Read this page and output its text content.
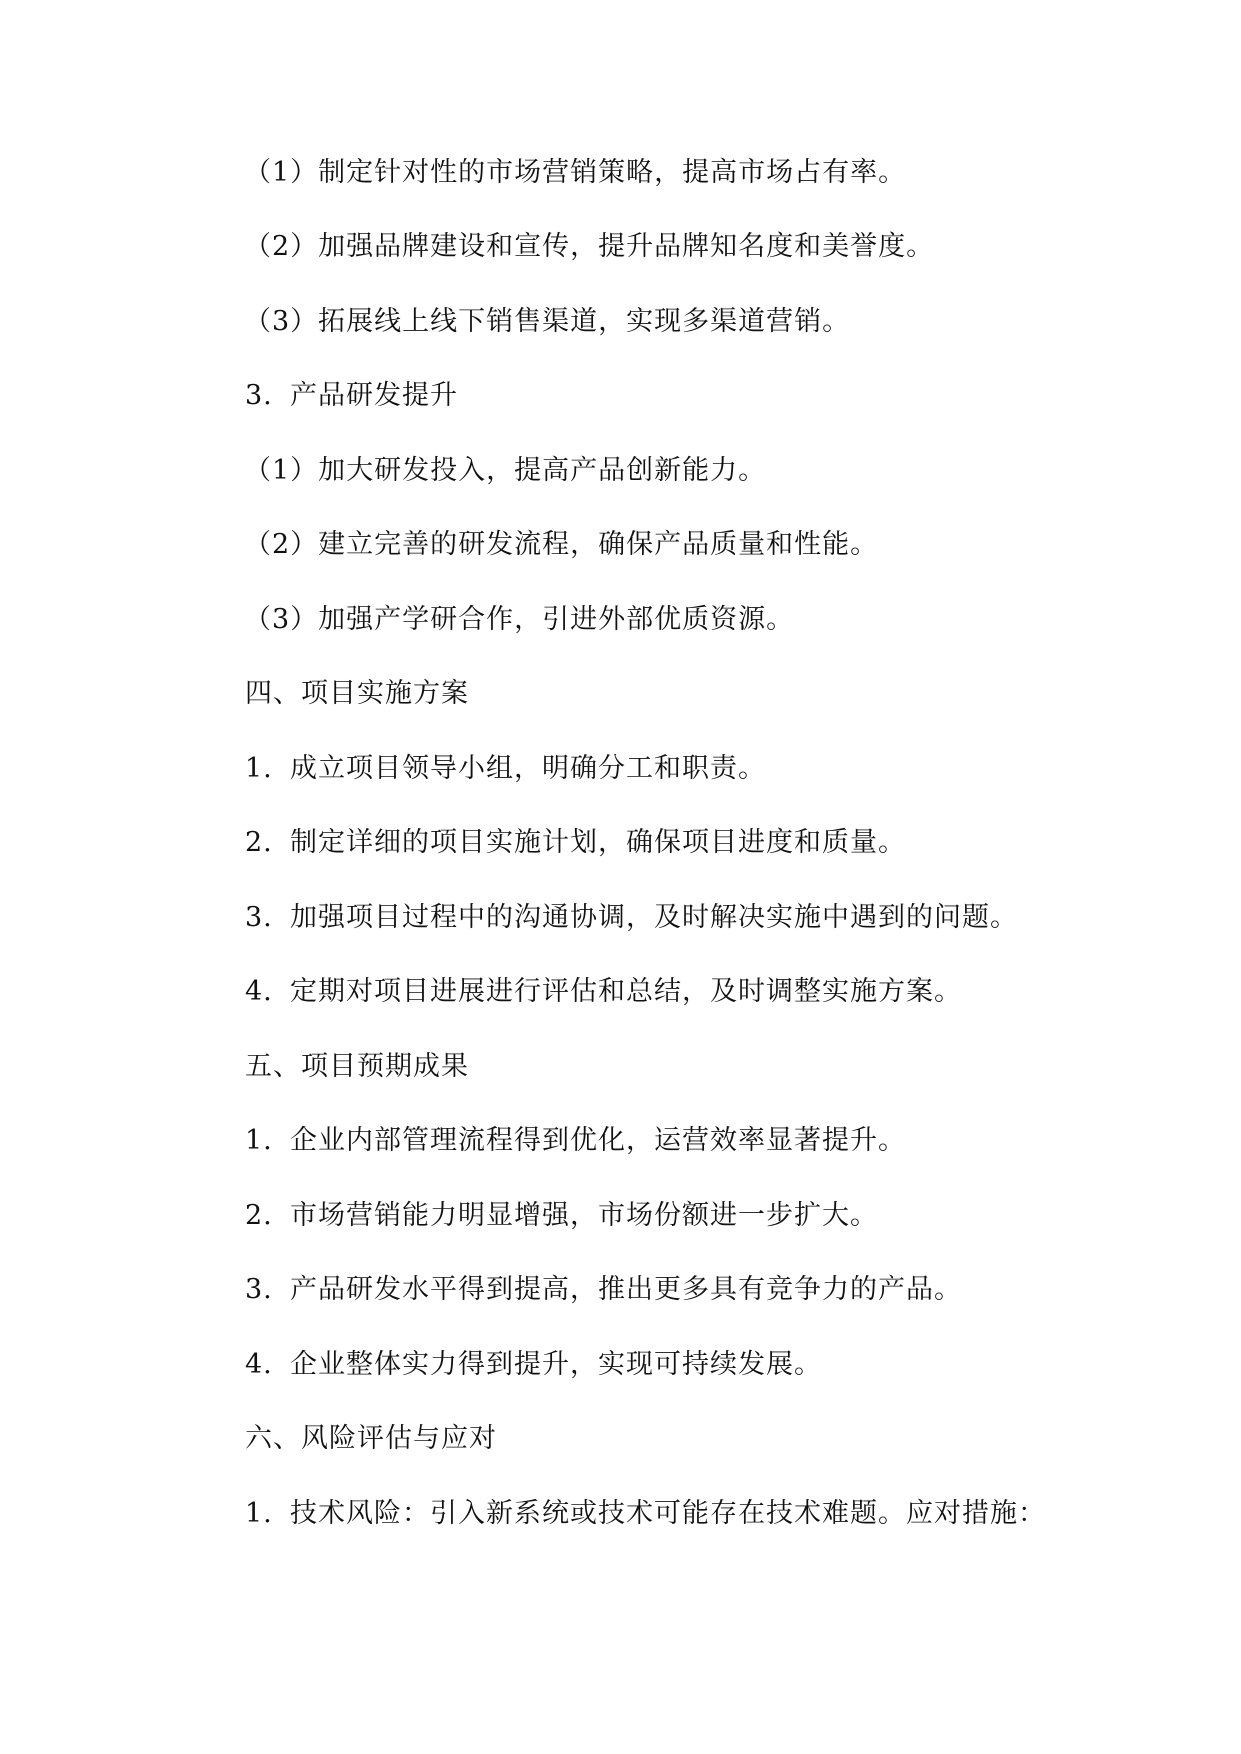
（1）制定针对性的市场营销策略，提高市场占有率。
（2）加强品牌建设和宣传，提升品牌知名度和美誉度。
（3）拓展线上线下销售渠道，实现多渠道营销。
3. 产品研发提升
（1）加大研发投入，提高产品创新能力。
（2）建立完善的研发流程，确保产品质量和性能。
（3）加强产学研合作，引进外部优质资源。
四、项目实施方案
1. 成立项目领导小组，明确分工和职责。
2. 制定详细的项目实施计划，确保项目进度和质量。
3. 加强项目过程中的沟通协调，及时解决实施中遇到的问题。
4. 定期对项目进展进行评估和总结，及时调整实施方案。
五、项目预期成果
1. 企业内部管理流程得到优化，运营效率显著提升。
2. 市场营销能力明显增强，市场份额进一步扩大。
3. 产品研发水平得到提高，推出更多具有竞争力的产品。
4. 企业整体实力得到提升，实现可持续发展。
六、风险评估与应对
1. 技术风险：引入新系统或技术可能存在技术难题。应对措施：
